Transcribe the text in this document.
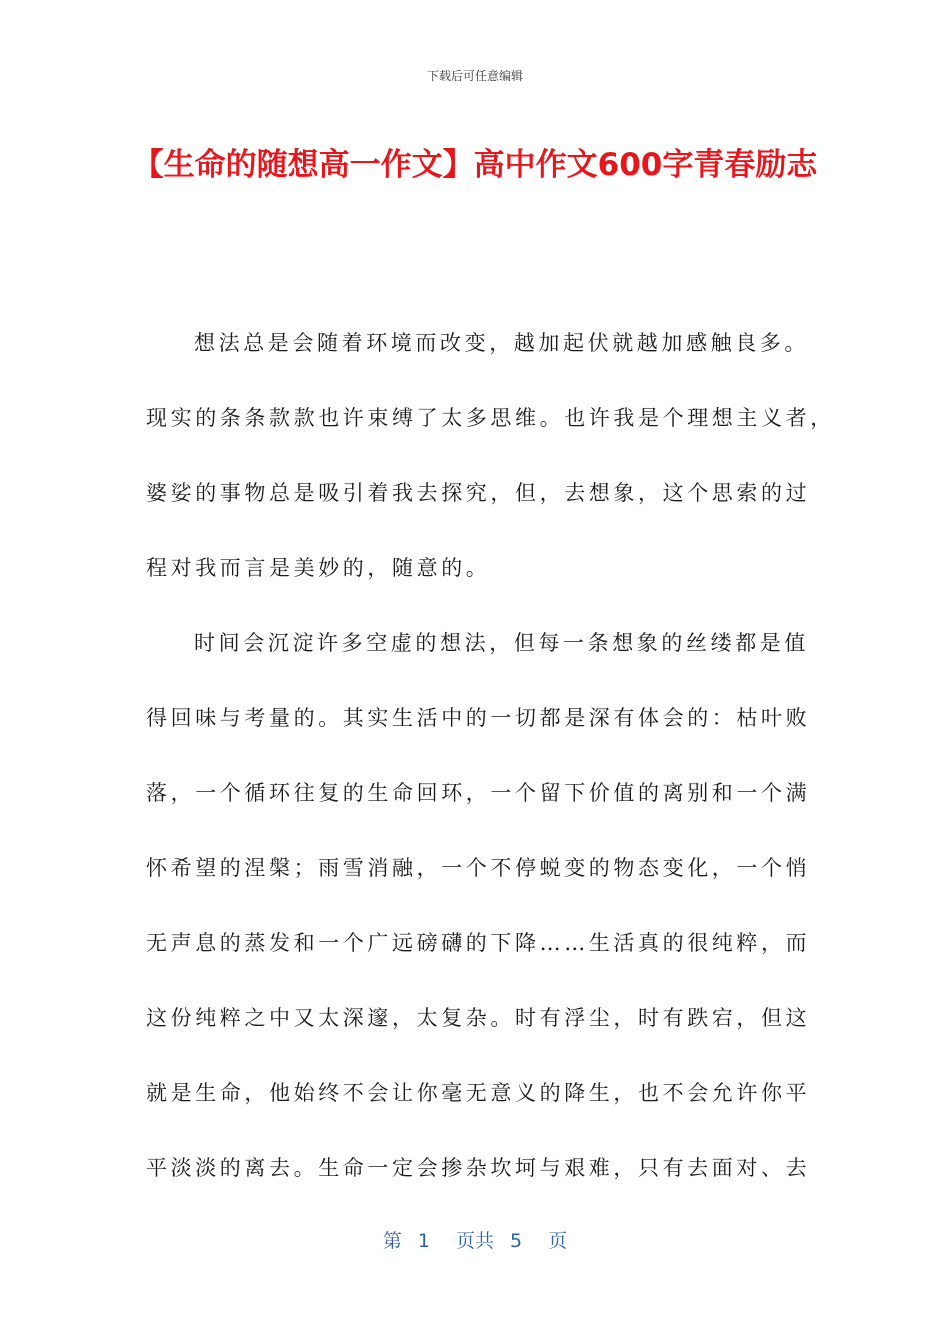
下载后可任意编辑
【生命的随想高一作文】高中作文600字青春励志
想法总是会随着环境而改变，越加起伏就越加感触良多。
现实的条条款款也许束缚了太多思维。也许我是个理想主义者，
婆娑的事物总是吸引着我去探究，但，去想象，这个思索的过
程对我而言是美妙的，随意的。
时间会沉淀许多空虚的想法，但每一条想象的丝缕都是值
得回味与考量的。其实生活中的一切都是深有体会的：枯叶败
落，一个循环往复的生命回环，一个留下价值的离别和一个满
怀希望的涅槃；雨雪消融，一个不停蜕变的物态变化，一个悄
无声息的蒸发和一个广远磅礴的下降……生活真的很纯粹，而
这份纯粹之中又太深邃，太复杂。时有浮尘，时有跌宕，但这
就是生命，他始终不会让你毫无意义的降生，也不会允许你平
平淡淡的离去。生命一定会掺杂坎坷与艰难，只有去面对、去
第 1 页共 5 页
